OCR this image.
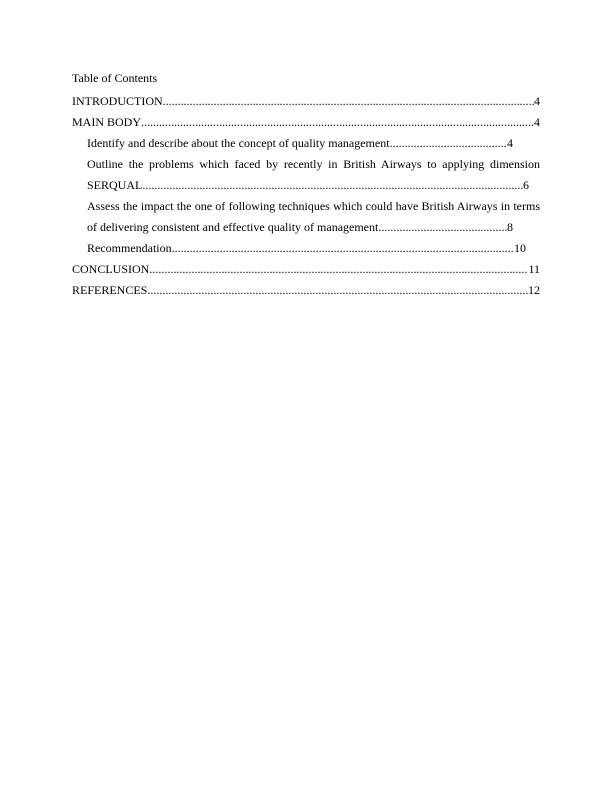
Table of Contents
INTRODUCTION .....	4
MAIN BODY .....	4
Identify and describe about the concept of quality management .....	4
Outline the problems which faced by recently in British Airways to applying dimension
SERQUAL .....	6
Assess the impact the one of following techniques which could have British Airways in terms
of delivering consistent and effective quality of management .....	8
Recommendation .....	10
CONCLUSION .....	11
REFERENCES .....	12
